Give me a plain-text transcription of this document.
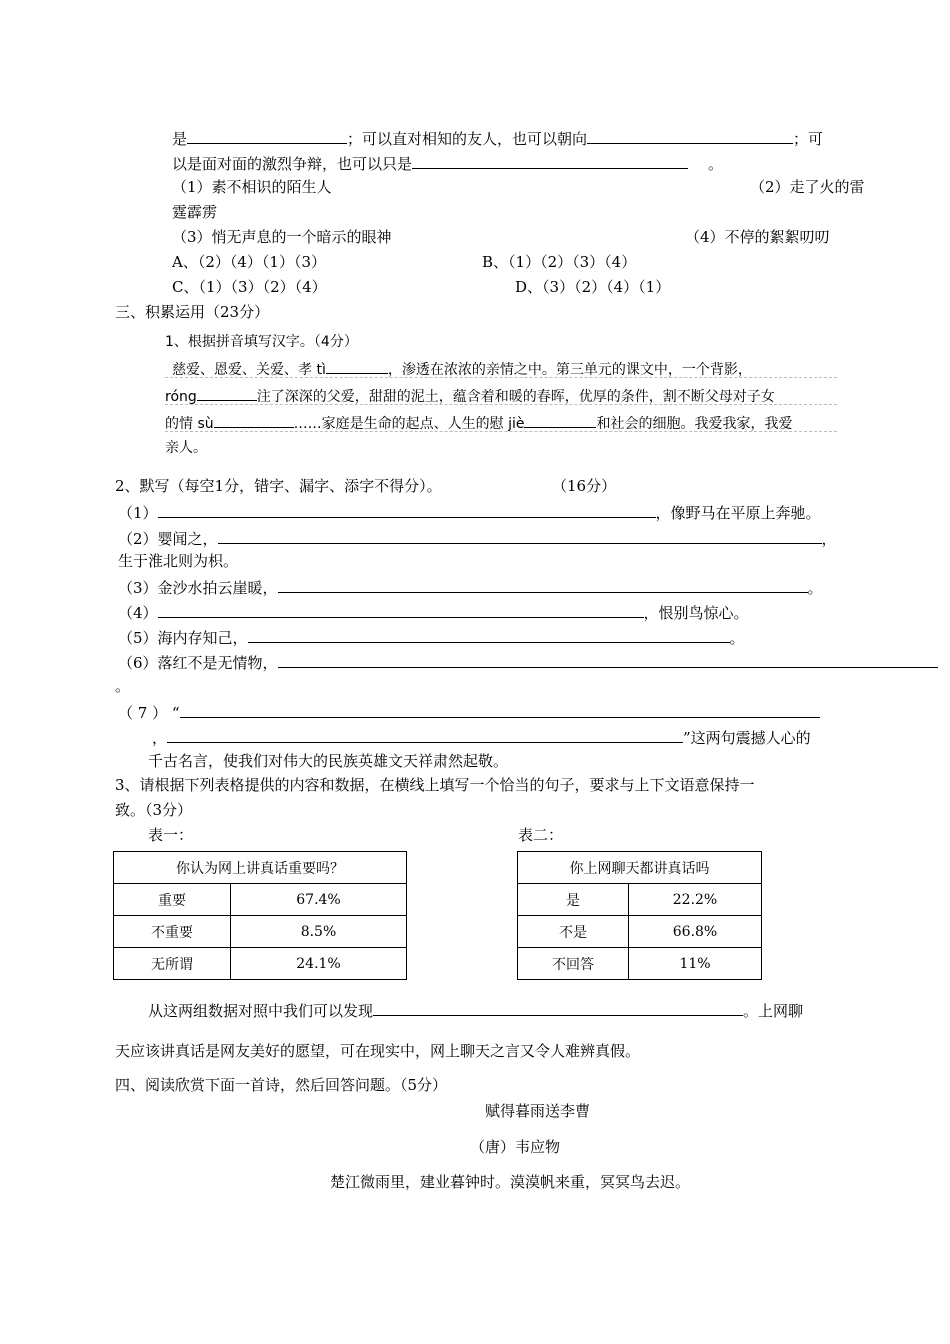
是	；可以直对相知的友人，也可以朝向	；可
以是面对面的激烈争辩，也可以只是	。
（1）素不相识的陌生人	（2）走了火的雷
霆霹雳
（3）悄无声息的一个暗示的眼神	（4）不停的絮絮叨叨
A、（2）（4）（1）（3）	B、（1）（2）（3）（4）
C、（1）（3）（2）（4）	D、（3）（2）（4）（1）
三、积累运用（23分）
1、根据拼音填写汉字。（4分）
慈爱、恩爱、关爱、孝 tì	，渗透在浓浓的亲情之中。第三单元的课文中，一个背影，
róng	注了深深的父爱，甜甜的泥土，蕴含着和暖的春晖，优厚的条件，割不断父母对子女
的情 sù	……家庭是生命的起点、人生的慰 jiè	和社会的细胞。我爱我家，我爱
亲人。
2、默写（每空1分，错字、漏字、添字不得分）。	（16分）
（1）	，像野马在平原上奔驰。
（2）婴闻之，	，
生于淮北则为枳。
（3）金沙水拍云崖暖，	。
（4）	，恨别鸟惊心。
（5）海内存知己，	。
（6）落红不是无情物，
。
（ 7 ） “
，	”这两句震撼人心的
千古名言，使我们对伟大的民族英雄文天祥肃然起敬。
3、请根据下列表格提供的内容和数据，在横线上填写一个恰当的句子，要求与上下文语意保持一
致。（3分）
表一：	表二：
你认为网上讲真话重要吗？	
重要	67.4%
不重要	8.5%
无所谓	24.1%
你上网聊天都讲真话吗	
是	22.2%
不是	66.8%
不回答	11%
从这两组数据对照中我们可以发现	。上网聊
天应该讲真话是网友美好的愿望，可在现实中，网上聊天之言又令人难辨真假。
四、阅读欣赏下面一首诗，然后回答问题。（5分）
赋得暮雨送李曹
（唐）韦应物
楚江微雨里，建业暮钟时。漠漠帆来重，冥冥鸟去迟。
